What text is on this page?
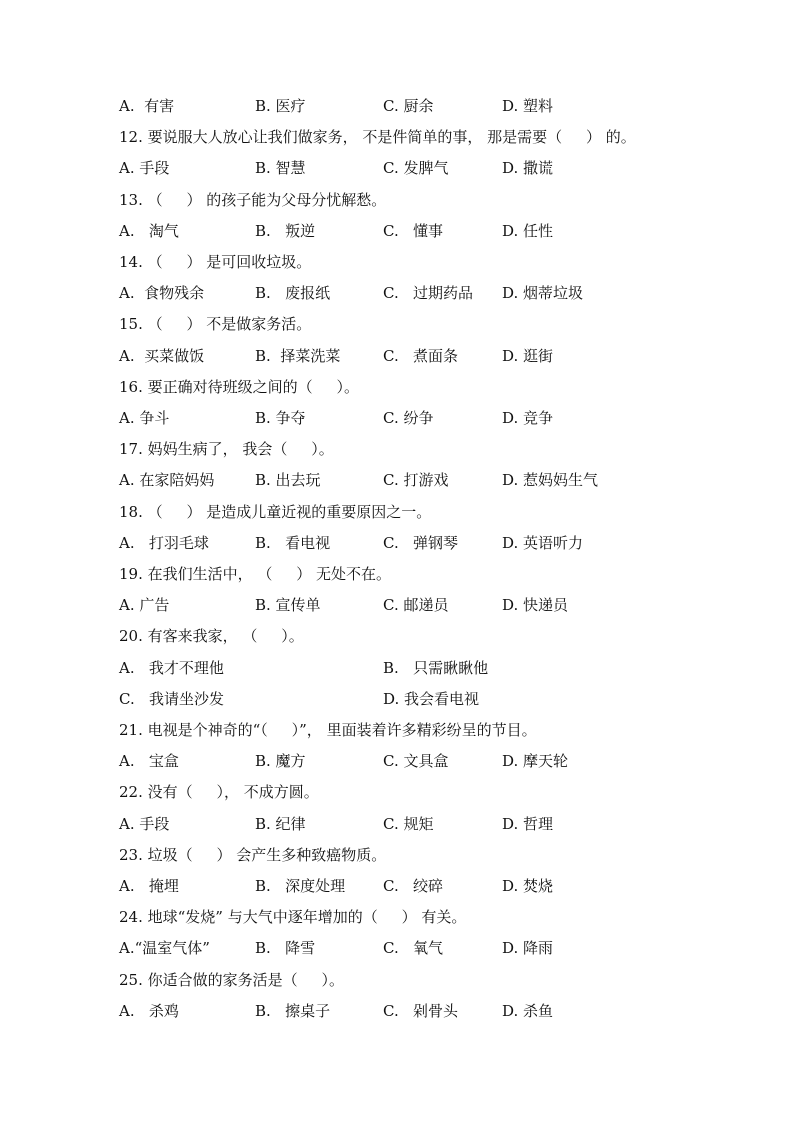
A.  有害	B. 医疗	C. 厨余	D. 塑料
12. 要说服大人放心让我们做家务， 不是件简单的事， 那是需要（     ） 的。
A. 手段	B. 智慧	C. 发脾气	D. 撒谎
13. （     ） 的孩子能为父母分忧解愁。
A.   淘气	B.   叛逆	C.   懂事	D. 任性
14. （     ） 是可回收垃圾。
A.  食物残余	B.   废报纸	C.   过期药品 D. 烟蒂垃圾
15. （     ） 不是做家务活。
A.  买菜做饭	B.  择菜洗菜	C.   煮面条	D. 逛街
16. 要正确对待班级之间的（     ）。
A. 争斗	B. 争夺	C. 纷争	D. 竞争
17. 妈妈生病了， 我会（     ）。
A. 在家陪妈妈	B. 出去玩	C. 打游戏	D. 惹妈妈生气
18. （     ） 是造成儿童近视的重要原因之一。
A.   打羽毛球	B.   看电视	C.   弹钢琴	D. 英语听力
19. 在我们生活中， （     ） 无处不在。
A. 广告	B. 宣传单	C. 邮递员	D. 快递员
20. 有客来我家， （     ）。
A.   我才不理他	B.   只需瞅瞅他
C.   我请坐沙发	D. 我会看电视
21. 电视是个神奇的“（     ）”， 里面装着许多精彩纷呈的节目。
A.   宝盒	B. 魔方	C. 文具盒	D. 摩天轮
22. 没有（     ）， 不成方圆。
A. 手段	B. 纪律	C. 规矩	D. 哲理
23. 垃圾（     ） 会产生多种致癌物质。
A.   掩埋	B.   深度处理	C.   绞碎	D. 焚烧
24. 地球“发烧” 与大气中逐年增加的（     ） 有关。
A.“温室气体”	B.   降雪	C.   氧气	D. 降雨
25. 你适合做的家务活是（     ）。
A.   杀鸡	B.   擦桌子	C.   剁骨头	D. 杀鱼
